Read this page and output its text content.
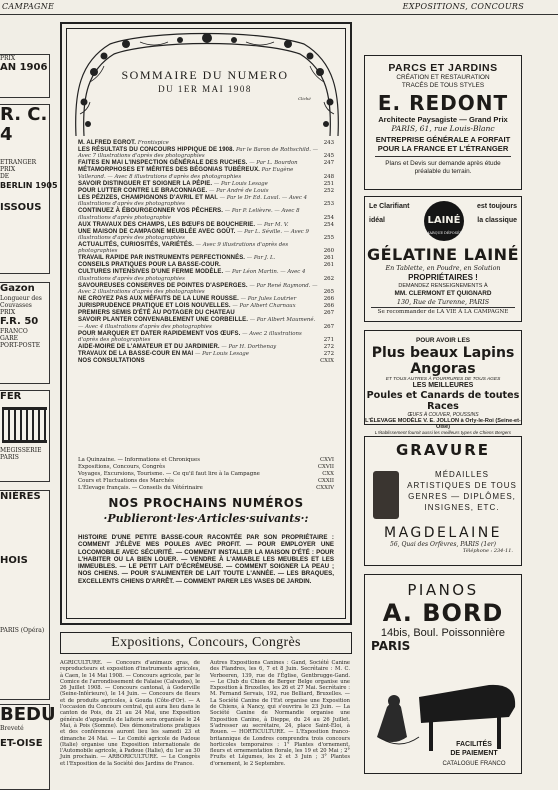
CAMPAGNE	EXPOSITIONS, CONCOURS
PRIX
AN 1906
R. C.
4
ETRANGER
PRIX
DE
BERLIN 1905
ISSOUS
Gazon
Longueur des
Couvasses
PRIX
F.R. 50
FRANCO
GARE
PORT-POSTE
FER
MEGISSERIE
PARIS
NIÈRES
HOIS
PARIS (Opéra)
BEDU
Breveté
ET-OISE
SOMMAIRE DU NUMERO
DU 1ER MAI 1908
Cliché
M. ALFRED EGROT. Frontispice	243
LES RÉSULTATS DU CONCOURS HIPPIQUE DE 1908. Par le Baron de Rothschild. — Avec 7 illustrations d'après des photographies	245
FAITES EN MAI L'INSPECTION GÉNÉRALE DES RUCHES. — Par L. Bourdon	247
MÉTAMORPHOSES ET MÉRITES DES BÉGONIAS TUBÉREUX. Par Eugène Vallerand. — Avec 8 illustrations d'après des photographies	248
SAVOIR DISTINGUER ET SOIGNER LA PÉPIE. — Par Louis Lesage	251
POUR LUTTER CONTRE LE BRACONNAGE. — Par André de Louis	252
LES PÉZIZES, CHAMPIGNONS D'AVRIL ET MAI. — Par le Dr Ed. Laval. — Avec 4 illustrations d'après des photographies	253
CONTINUEZ À ÉBOURGEONNER VOS PÊCHERS. — Par P. Lelièvre. — Avec 8 illustrations d'après photographie	254
AUX TRAVAUX DES CHAMPS, LES BŒUFS DE BOUCHERIE. — Par M. V.	254
UNE MAISON DE CAMPAGNE MEUBLÉE AVEC GOÛT. — Par L. Séville. — Avec 9 illustrations d'après des photographies	255
ACTUALITÉS, CURIOSITÉS, VARIÉTÉS. — Avec 9 illustrations d'après des photographies	260
TRAVAIL RAPIDE PAR INSTRUMENTS PERFECTIONNÉS. — Par J. L.	261
CONSEILS PRATIQUES POUR LA BASSE-COUR.	261
CULTURES INTENSIVES D'UNE FERME MODÈLE. — Par Léon Martin. — Avec 4 illustrations d'après des photographies	262
SAVOUREUSES CONSERVES DE POINTES D'ASPERGES. — Par René Raymond. — Avec 2 illustrations d'après des photographies	265
NE CROYEZ PAS AUX MÉFAITS DE LA LUNE ROUSSE. — Par Jules Loutrier	266
JURISPRUDENCE PRATIQUE ET LOIS NOUVELLES. — Par Albert Charnaux	266
PREMIERS SEMIS D'ÉTÉ AU POTAGER DU CHATEAU	267
SAVOIR PLANTER CONVENABLEMENT UNE CORBEILLE. — Par Albert Maumené. — Avec 4 illustrations d'après des photographies	267
POUR MARQUER ET DATER RAPIDEMENT VOS ŒUFS. — Avec 2 illustrations d'après des photographies	271
AIDE-MOIRE DE L'AMATEUR ET DU JARDINIER. — Par H. Dorthenay	272
TRAVAUX DE LA BASSE-COUR EN MAI — Par Louis Lesage	272
NOS CONSULTATIONS	CXIX
La Quinzaine. — Informations et Chroniques	CXVI
Expositions, Concours, Congrès	CXVII
Voyages, Excursions, Tourisme. — Ce qu'il faut lire à la Campagne	CXX
Cours et Fluctuations des Marchés	CXXII
L'Élevage français. — Conseils du Vétérinaire	CXXIV
NOS PROCHAINS NUMÉROS
·Publieront·les·Articles·suivants·:
HISTOIRE D'UNE PETITE BASSE-COUR RACONTÉE PAR SON PROPRIÉTAIRE : COMMENT J'ÉLÈVE MES POULES AVEC PROFIT. — POUR EMPLOYER UNE LOCOMOBILE AVEC SÉCURITÉ. — COMMENT INSTALLER LA MAISON D'ÉTÉ : POUR L'HABITER OU LA BIEN LOUER. — VENDRE À L'AMIABLE LES MEUBLES ET LES IMMEUBLES. — LE PETIT LAIT D'ÉCRÉMEUSE. — COMMENT SOIGNER LA PEAU ; NOS CHIENS. — POUR S'ALIMENTER DE LAIT TOUTE L'ANNÉE. — LES BRAQUES, EXCELLENTS CHIENS D'ARRÊT. — COMMENT PARER LES VASES DE JARDIN.
Expositions, Concours, Congrès
AGRICULTURE. — Concours d'animaux gras, de reproducteurs et exposition d'instruments agricoles, à Caen, le 14 Mai 1908. — Concours agricole, par le Comice de l'arrondissement de Falaise (Calvados), le 26 Juillet 1908. — Concours cantonal, à Goderville (Seine-Inférieure), le 14 Juin. — Concours de fleurs et de produits agricoles, à Gouda (Côte-d'Or). — A l'occasion du Concours central, qui aura lieu dans le canton de Pois, du 21 au 24 Mai, une Exposition générale d'appareils de laiterie sera organisée le 24 Mai, à Pois (Somme). Des démonstrations pratiques et des conférences auront lieu les samedi 23 et dimanche 24 Mai. — Le Comité agricole de Padoue (Italie) organise une Exposition internationale de l'Automobile agricole, à Padoue (Italie), du 1er au 30 Juin prochain. — ARBORICULTURE. — Le Congrès et l'Exposition de la Société des Jardins de France.
Autres Expositions Canines : Gand, Société Canine des Flandres, les 6, 7 et 8 Juin. Secrétaire : M. C. Verbeeren, 139, rue de l'Église, Gentbrugge-Gand. — Le Club du Chien de Berger Belge organise une Exposition à Bruxelles, les 26 et 27 Mai. Secrétaire : M. Fernand Servais, 192, rue Belliard, Bruxelles. — La Société Canine de l'Est organise une Exposition de Chiens, à Nancy, qui s'ouvrira le 23 Juin. — La Société Canine de Normandie organise une Exposition Canine, à Dieppe, du 24 au 26 Juillet. S'adresser au secrétaire, 24, place Saint-Éloi, à Rouen. — HORTICULTURE. — L'Exposition franco-britannique de Londres comprendra trois concours horticoles temporaires : 1° Plantes d'ornement, fleurs et ornementation florale, les 19 et 20 Mai ; 2° Fruits et Légumes, les 2 et 3 Juin ; 3° Plantes d'ornement, le 2 Septembre.
PARCS ET JARDINS
CRÉATION ET RESTAURATION
TRACÉS DE TOUS STYLES
E. REDONT
Architecte Paysagiste — Grand Prix
PARIS, 61, rue Louis-Blanc
ENTREPRISE GÉNÉRALE A FORFAIT
POUR LA FRANCE ET L'ÉTRANGER
Plans et Devis sur demande après étude
préalable du terrain.
Le Clarifiant
idéal
est toujours
la classique
LAINÉ
MARQUE DÉPOSÉE
GÉLATINE LAINÉ
En Tablette, en Poudre, en Solution
PROPRIÉTAIRES !
DEMANDEZ RENSEIGNEMENTS À
MM. CLERMONT ET QUIGNARD
130, Rue de Turenne, PARIS
Se recommander de LA VIE À LA CAMPAGNE
POUR AVOIR LES
Plus beaux Lapins Angoras
ET TOUS AUTRES À FOURRURES DE TOUS AGES
LES MEILLEURES
Poules et Canards de toutes Races
ŒUFS À COUVER, POUSSINS
L'ÉLEVAGE MODÈLE V. E. JOLLON à Orly-le-Roi (Seine-et-Oise)
L'établissement fournit aussi les meilleurs types de Chiens Bergers
GRAVURE
MÉDAILLES ARTISTIQUES DE TOUS
GENRES — DIPLÔMES,
INSIGNES, ETC.
MAGDELAINE
56, Quai des Orfèvres, PARIS (1er)
Téléphone : 234-11.
PIANOS
A. BORD
14bis, Boul. Poissonnière
PARIS
FACILITÉS
DE PAIEMENT
CATALOGUE FRANCO
